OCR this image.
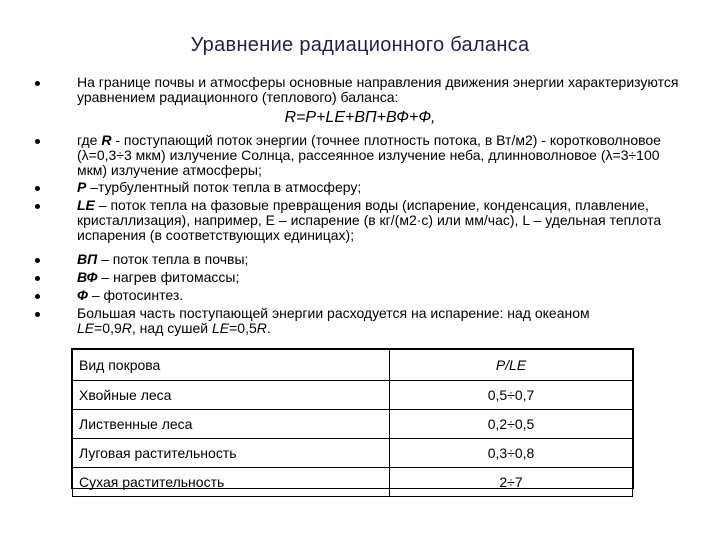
Уравнение радиационного баланса
На границе почвы и атмосферы основные направления движения энергии характеризуются уравнением радиационного (теплового) баланса:
R=P+LE+ВП+ВФ+Ф,
где R - поступающий поток энергии (точнее плотность потока, в Вт/м2) - коротковолновое (λ=0,3÷3 мкм) излучение Солнца, рассеянное излучение неба, длинноволновое (λ=3÷100 мкм) излучение атмосферы;
Р –турбулентный поток тепла в атмосферу;
LE – поток тепла на фазовые превращения воды (испарение, конденсация, плавление, кристаллизация), например, Е – испарение (в кг/(м2·с) или мм/час), L – удельная теплота испарения (в соответствующих единицах);
ВП – поток тепла в почвы;
ВФ – нагрев фитомассы;
Ф – фотосинтез.
Большая часть поступающей энергии расходуется на испарение: над океаном
LE=0,9R, над сушей LE=0,5R.
Вид покрова	P/LE
Хвойные леса	0,5÷0,7
Лиственные леса	0,2÷0,5
Луговая растительность	0,3÷0,8
Сухая растительность	2÷7
